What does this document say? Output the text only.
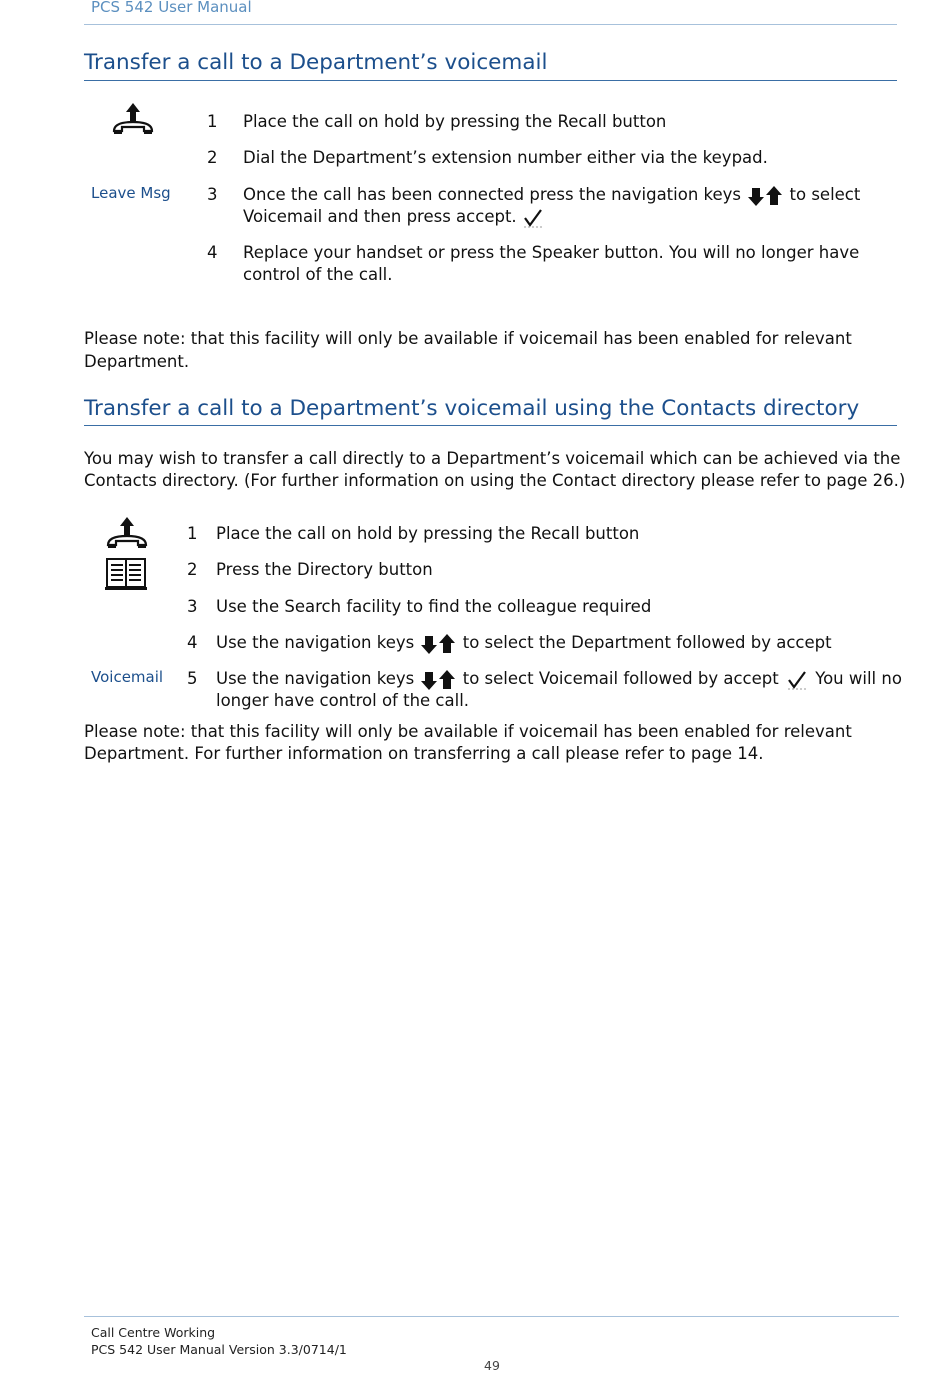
PCS 542 User Manual
Transfer a call to a Department’s voicemail
Leave Msg
1 Place the call on hold by pressing the Recall button
2 Dial the Department’s extension number either via the keypad.
3 Once the call has been connected press the navigation keys	to select
Voicemail and then press accept.
4 Replace your handset or press the Speaker button. You will no longer have
control of the call.
Please note: that this facility will only be available if voicemail has been enabled for relevant
Department.
Transfer a call to a Department’s voicemail using the Contacts directory
You may wish to transfer a call directly to a Department’s voicemail which can be achieved via the
Contacts directory. (For further information on using the Contact directory please refer to page 26.)
Voicemail
1 Place the call on hold by pressing the Recall button
2 Press the Directory button
3 Use the Search facility to find the colleague required
4 Use the navigation keys	to select the Department followed by accept
5 Use the navigation keys	to select Voicemail followed by accept You will no
longer have control of the call.
Please note: that this facility will only be available if voicemail has been enabled for relevant
Department. For further information on transferring a call please refer to page 14.
Call Centre Working
PCS 542 User Manual Version 3.3/0714/1
49
